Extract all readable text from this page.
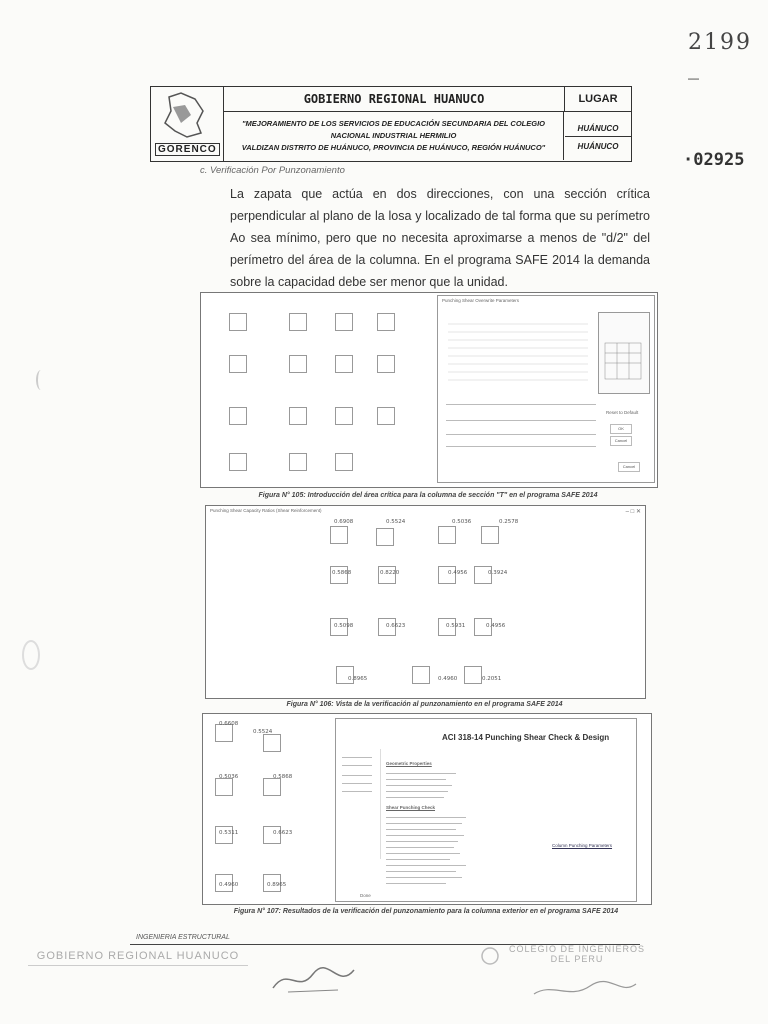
2199 _
·02925
GORENCO
GOBIERNO REGIONAL HUANUCO	LUGAR
"MEJORAMIENTO DE LOS SERVICIOS DE EDUCACIÓN SECUNDARIA DEL COLEGIO NACIONAL INDUSTRIAL HERMILIO
VALDIZAN DISTRITO DE HUÁNUCO, PROVINCIA DE HUÁNUCO, REGIÓN HUÁNUCO"
HUÁNUCO
HUÁNUCO
c. Verificación Por Punzonamiento
La zapata que actúa en dos direcciones, con una sección crítica perpendicular al plano de la losa y localizado de tal forma que su perímetro Ao sea mínimo, pero que no necesita aproximarse a menos de "d/2" del perímetro del área de la columna. En el programa SAFE 2014 la demanda sobre la capacidad debe ser menor que la unidad.
Punching Shear Overwrite Parameters
Reset to Default
OK
Cancel
Cancel
Figura N° 105: Introducción del área crítica para la columna de sección "T" en el programa SAFE 2014
Punching Shear Capacity Ratios (Shear Reinforcement)	– □ ✕
0.6908	0.5524	0.5036	0.2578
0.5868	0.8220	0.4956	0.3924
0.5098	0.6623	0.5931	0.4956
0.8965	0.4960	0.2051
Figura N° 106: Vista de la verificación al punzonamiento en el programa SAFE 2014
0.6608
0.5524
0.5036	0.5868
0.5311	0.6623
0.4960	0.8965
ACI 318-14 Punching Shear Check & Design
Geometric Properties
Shear Punching Check
Column Punching Parameters
Done
Figura N° 107: Resultados de la verificación del punzonamiento para la columna exterior en el programa SAFE 2014
INGENIERIA ESTRUCTURAL
GOBIERNO REGIONAL HUANUCO
COLEGIO DE INGENIEROS DEL PERU
